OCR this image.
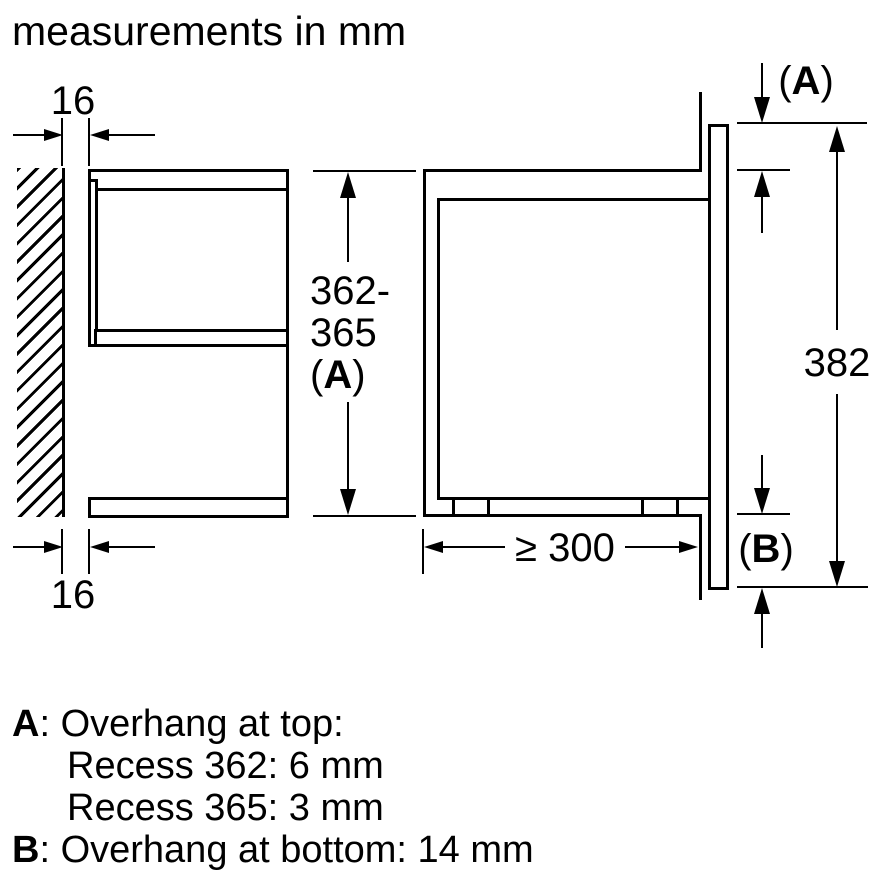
measurements in mm
16
16
362-
365
(A)
≥ 300
(A)
382
(B)
A: Overhang at top:
Recess 362: 6 mm
Recess 365: 3 mm
B: Overhang at bottom: 14 mm
